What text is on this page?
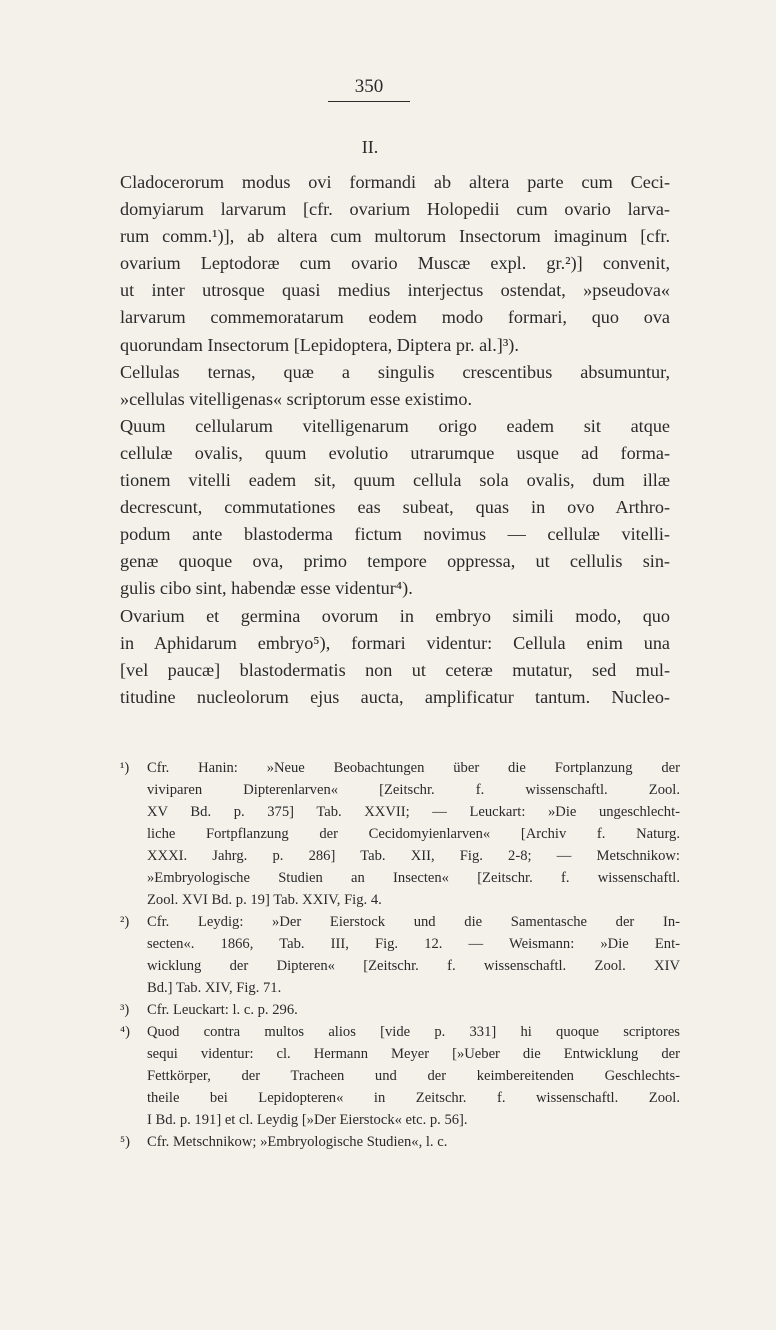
350
II.
Cladocerorum modus ovi formandi ab altera parte cum Ceci-
domyiarum larvarum [cfr. ovarium Holopedii cum ovario larva-
rum comm.¹)], ab altera cum multorum Insectorum imaginum [cfr.
ovarium Leptodoræ cum ovario Muscæ expl. gr.²)] convenit,
ut inter utrosque quasi medius interjectus ostendat, »pseudova«
larvarum commemoratarum eodem modo formari, quo ova
quorundam Insectorum [Lepidoptera, Diptera pr. al.]³).
Cellulas ternas, quæ a singulis crescentibus absumuntur,
»cellulas vitelligenas« scriptorum esse existimo.
Quum cellularum vitelligenarum origo eadem sit atque
cellulæ ovalis, quum evolutio utrarumque usque ad forma-
tionem vitelli eadem sit, quum cellula sola ovalis, dum illæ
decrescunt, commutationes eas subeat, quas in ovo Arthro-
podum ante blastoderma fictum novimus — cellulæ vitelli-
genæ quoque ova, primo tempore oppressa, ut cellulis sin-
gulis cibo sint, habendæ esse videntur⁴).
Ovarium et germina ovorum in embryo simili modo, quo
in Aphidarum embryo⁵), formari videntur: Cellula enim una
[vel paucæ] blastodermatis non ut ceteræ mutatur, sed mul-
titudine nucleolorum ejus aucta, amplificatur tantum. Nucleo-
¹)	Cfr. Hanin: »Neue Beobachtungen über die Fortplanzung der
viviparen Dipterenlarven« [Zeitschr. f. wissenschaftl. Zool.
XV Bd. p. 375] Tab. XXVII; — Leuckart: »Die ungeschlecht-
liche Fortpflanzung der Cecidomyienlarven« [Archiv f. Naturg.
XXXI. Jahrg. p. 286] Tab. XII, Fig. 2-8; — Metschnikow:
»Embryologische Studien an Insecten« [Zeitschr. f. wissenschaftl.
Zool. XVI Bd. p. 19] Tab. XXIV, Fig. 4.
²)	Cfr. Leydig: »Der Eierstock und die Samentasche der In-
secten«. 1866, Tab. III, Fig. 12. — Weismann: »Die Ent-
wicklung der Dipteren« [Zeitschr. f. wissenschaftl. Zool. XIV
Bd.] Tab. XIV, Fig. 71.
³)	Cfr. Leuckart: l. c. p. 296.
⁴)	Quod contra multos alios [vide p. 331] hi quoque scriptores
sequi videntur: cl. Hermann Meyer [»Ueber die Entwicklung der
Fettkörper, der Tracheen und der keimbereitenden Geschlechts-
theile bei Lepidopteren« in Zeitschr. f. wissenschaftl. Zool.
I Bd. p. 191] et cl. Leydig [»Der Eierstock« etc. p. 56].
⁵)	Cfr. Metschnikow; »Embryologische Studien«, l. c.
